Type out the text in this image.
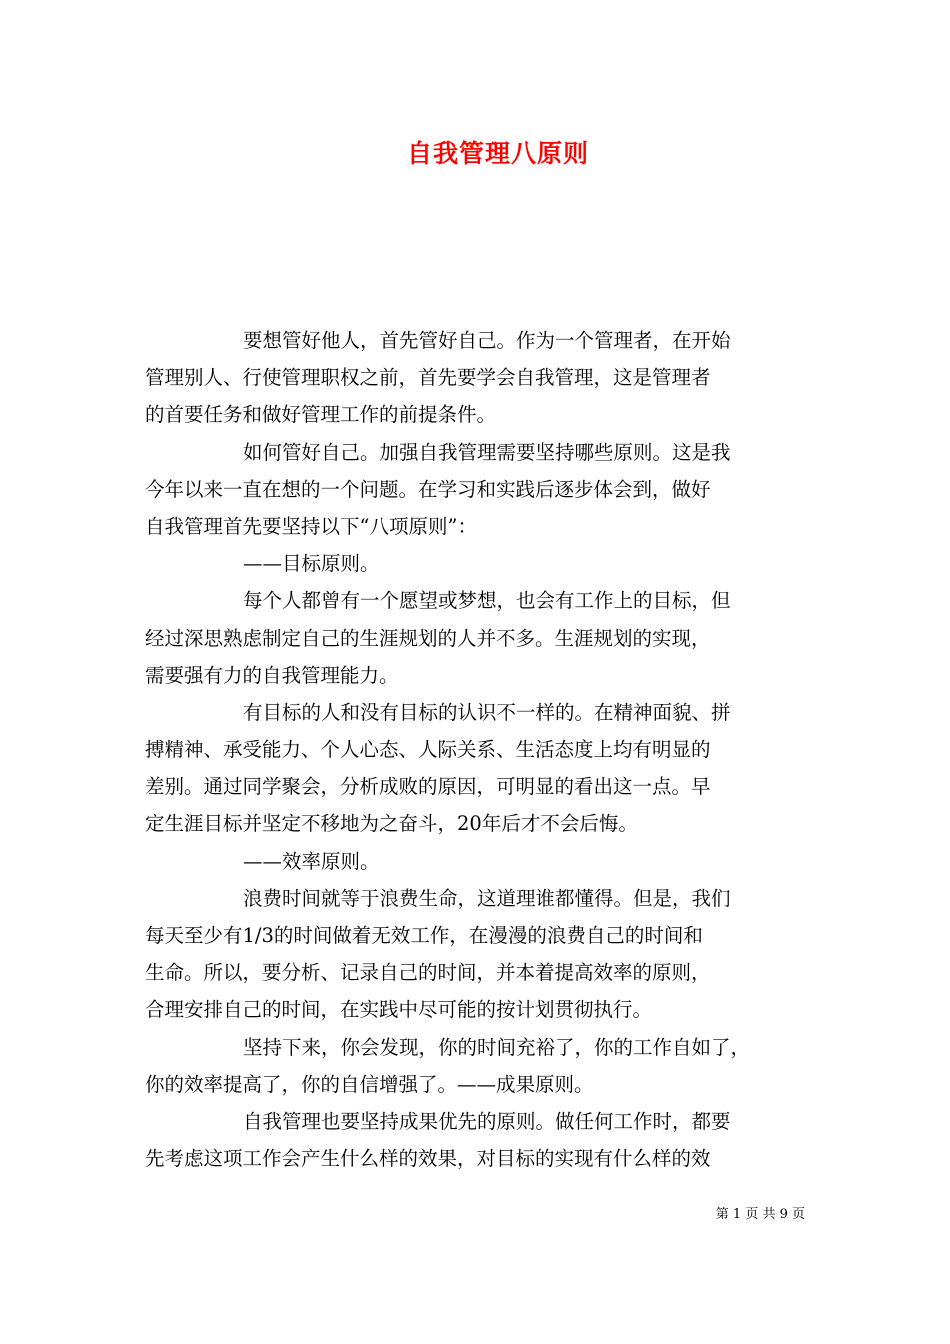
自我管理八原则
要想管好他人，首先管好自己。作为一个管理者，在开始
管理别人、行使管理职权之前，首先要学会自我管理，这是管理者
的首要任务和做好管理工作的前提条件。
如何管好自己。加强自我管理需要坚持哪些原则。这是我
今年以来一直在想的一个问题。在学习和实践后逐步体会到，做好
自我管理首先要坚持以下“八项原则”：
——目标原则。
每个人都曾有一个愿望或梦想，也会有工作上的目标，但
经过深思熟虑制定自己的生涯规划的人并不多。生涯规划的实现，
需要强有力的自我管理能力。
有目标的人和没有目标的认识不一样的。在精神面貌、拼
搏精神、承受能力、个人心态、人际关系、生活态度上均有明显的
差别。通过同学聚会，分析成败的原因，可明显的看出这一点。早
定生涯目标并坚定不移地为之奋斗，20年后才不会后悔。
——效率原则。
浪费时间就等于浪费生命，这道理谁都懂得。但是，我们
每天至少有1/3的时间做着无效工作，在漫漫的浪费自己的时间和
生命。所以，要分析、记录自己的时间，并本着提高效率的原则，
合理安排自己的时间，在实践中尽可能的按计划贯彻执行。
坚持下来，你会发现，你的时间充裕了，你的工作自如了，
你的效率提高了，你的自信增强了。——成果原则。
自我管理也要坚持成果优先的原则。做任何工作时，都要
先考虑这项工作会产生什么样的效果，对目标的实现有什么样的效
第 1 页 共 9 页
